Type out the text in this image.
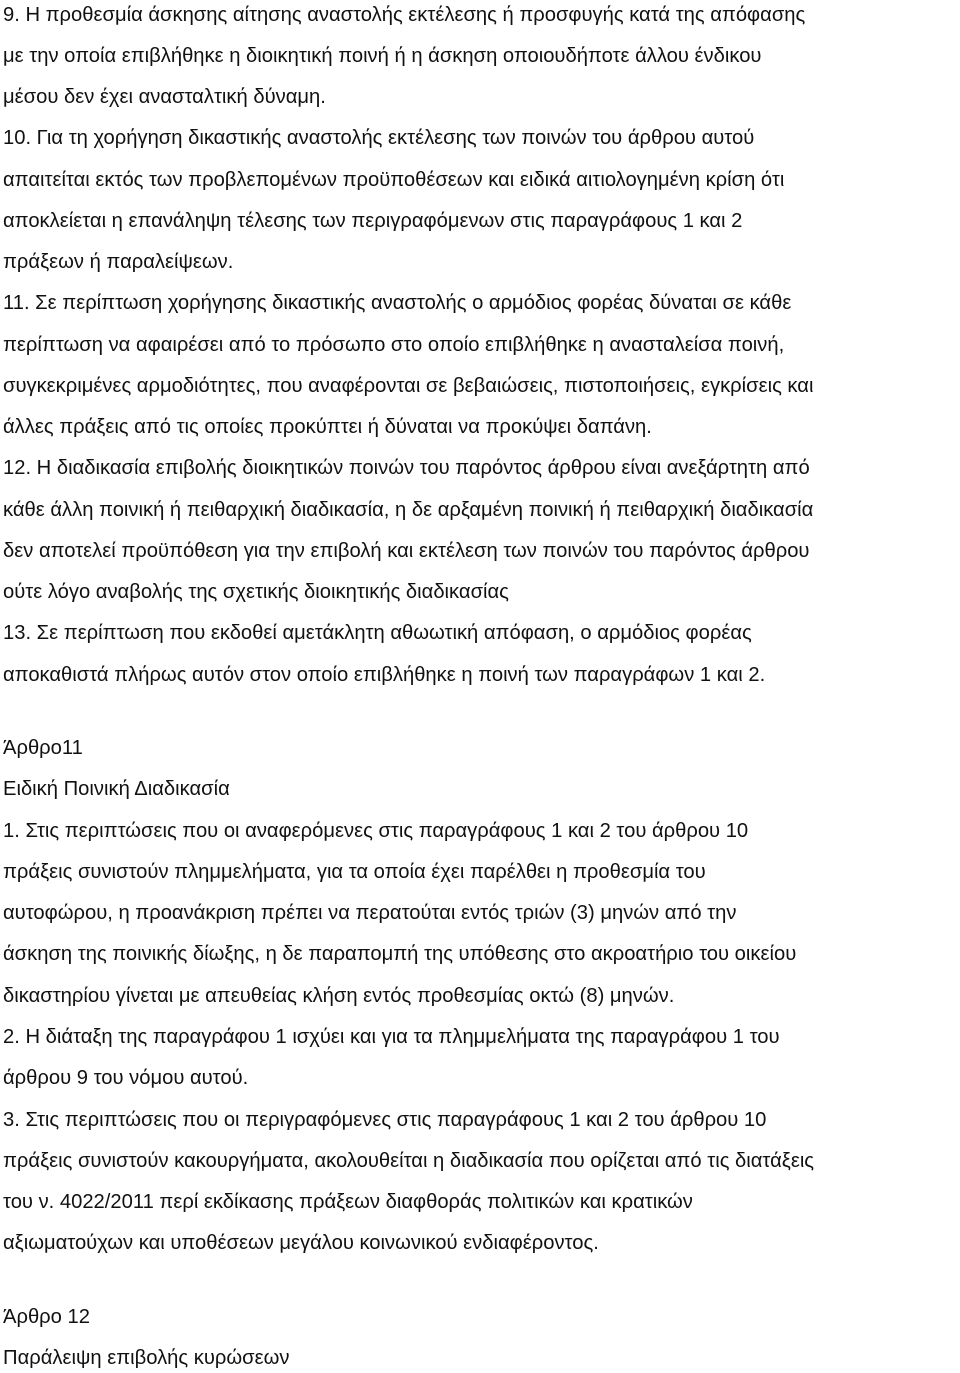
9. Η προθεσμία άσκησης αίτησης αναστολής εκτέλεσης ή προσφυγής κατά της απόφασης
με την οποία επιβλήθηκε η διοικητική ποινή ή η άσκηση οποιουδήποτε άλλου ένδικου
μέσου δεν έχει ανασταλτική δύναμη.
10. Για τη χορήγηση δικαστικής αναστολής εκτέλεσης των ποινών του άρθρου αυτού
απαιτείται εκτός των προβλεπομένων προϋποθέσεων και ειδικά αιτιολογημένη κρίση ότι
αποκλείεται η επανάληψη τέλεσης των περιγραφόμενων στις παραγράφους 1 και 2
πράξεων ή παραλείψεων.
11. Σε περίπτωση χορήγησης δικαστικής αναστολής ο αρμόδιος φορέας δύναται σε κάθε
περίπτωση να αφαιρέσει από το πρόσωπο στο οποίο επιβλήθηκε η ανασταλείσα ποινή,
συγκεκριμένες αρμοδιότητες, που αναφέρονται σε βεβαιώσεις, πιστοποιήσεις, εγκρίσεις και
άλλες πράξεις από τις οποίες προκύπτει ή δύναται να προκύψει δαπάνη.
12. Η διαδικασία επιβολής διοικητικών ποινών του παρόντος άρθρου είναι ανεξάρτητη από
κάθε άλλη ποινική ή πειθαρχική διαδικασία, η δε αρξαμένη ποινική ή πειθαρχική διαδικασία
δεν αποτελεί προϋπόθεση για την επιβολή και εκτέλεση των ποινών του παρόντος άρθρου
ούτε λόγο αναβολής της σχετικής διοικητικής διαδικασίας
13. Σε περίπτωση που εκδοθεί αμετάκλητη αθωωτική απόφαση, ο αρμόδιος φορέας
αποκαθιστά πλήρως αυτόν στον οποίο επιβλήθηκε η ποινή των παραγράφων 1 και 2.
Άρθρο11
Ειδική Ποινική Διαδικασία
1. Στις περιπτώσεις που οι αναφερόμενες στις παραγράφους 1 και 2 του άρθρου 10
πράξεις συνιστούν πλημμελήματα, για τα οποία έχει παρέλθει η προθεσμία του
αυτοφώρου, η προανάκριση πρέπει να περατούται εντός τριών (3) μηνών από την
άσκηση της ποινικής δίωξης, η δε παραπομπή της υπόθεσης στο ακροατήριο του οικείου
δικαστηρίου γίνεται με απευθείας κλήση εντός προθεσμίας οκτώ (8) μηνών.
2. Η διάταξη της παραγράφου 1 ισχύει και για τα πλημμελήματα της παραγράφου 1 του
άρθρου 9 του νόμου αυτού.
3. Στις περιπτώσεις που οι περιγραφόμενες στις παραγράφους 1 και 2 του άρθρου 10
πράξεις συνιστούν κακουργήματα, ακολουθείται η διαδικασία που ορίζεται από τις διατάξεις
του ν. 4022/2011 περί εκδίκασης πράξεων διαφθοράς πολιτικών και κρατικών
αξιωματούχων και υποθέσεων μεγάλου κοινωνικού ενδιαφέροντος.
Άρθρο 12
Παράλειψη επιβολής κυρώσεων
